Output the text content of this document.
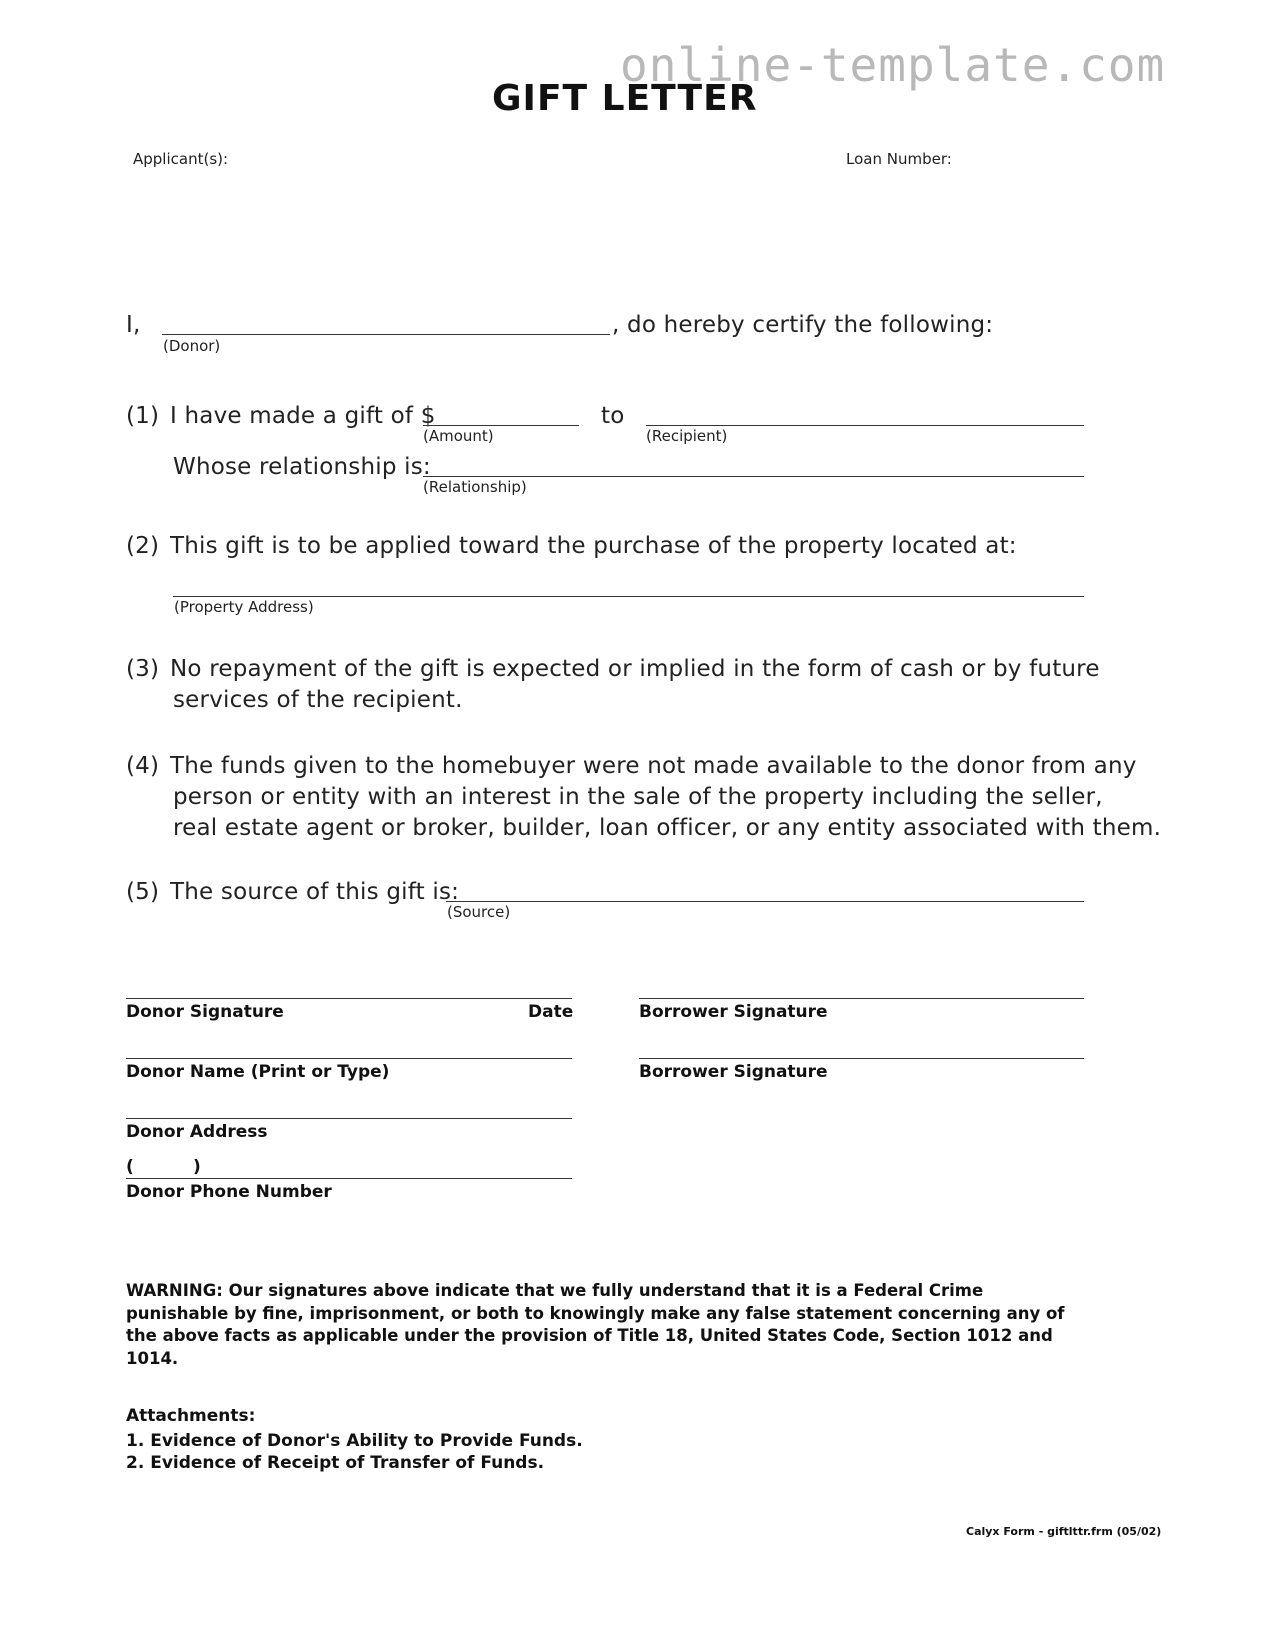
online-template.com
GIFT LETTER
Applicant(s):	Loan Number:
I,	, do hereby certify the following:
(Donor)
(1) I have made a gift of $
(Amount)
to
(Recipient)
Whose relationship is:
(Relationship)
(2) This gift is to be applied toward the purchase of the property located at:
(Property Address)
(3) No repayment of the gift is expected or implied in the form of cash or by future
services of the recipient.
(4) The funds given to the homebuyer were not made available to the donor from any
person or entity with an interest in the sale of the property including the seller,
real estate agent or broker, builder, loan officer, or any entity associated with them.
(5) The source of this gift is:
(Source)
Donor Signature	Date	Borrower Signature
Donor Name (Print or Type)	Borrower Signature
Donor Address
(          )
Donor Phone Number
WARNING: Our signatures above indicate that we fully understand that it is a Federal Crime punishable by fine, imprisonment, or both to knowingly make any false statement concerning any of the above facts as applicable under the provision of Title 18, United States Code, Section 1012 and 1014.
Attachments:
1. Evidence of Donor's Ability to Provide Funds.
2. Evidence of Receipt of Transfer of Funds.
Calyx Form - giftlttr.frm (05/02)
